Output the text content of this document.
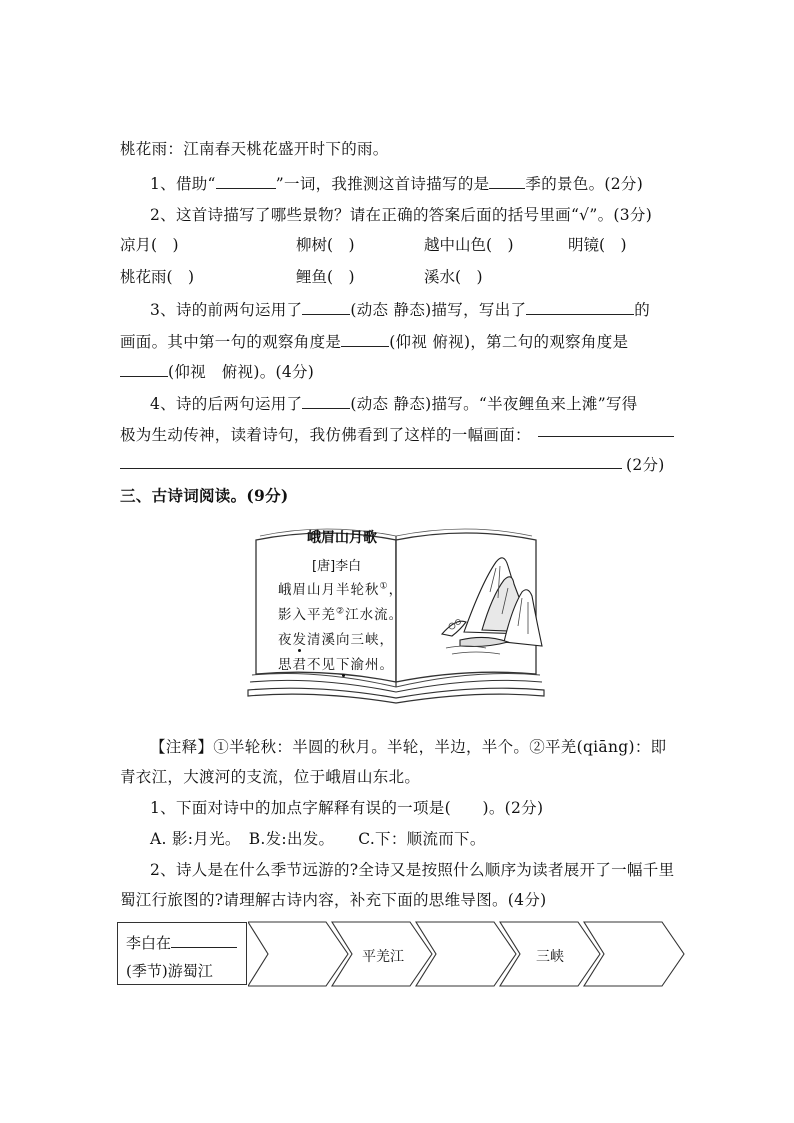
桃花雨：江南春天桃花盛开时下的雨。
1、借助“	”一词，我推测这首诗描写的是 季的景色。(2分)
2、这首诗描写了哪些景物？请在正确的答案后面的括号里画“√”。(3分)
凉月(　)	柳树(　)	越中山色(　)	明镜(　)
桃花雨(　)	鲤鱼(　)	溪水(　)
3、诗的前两句运用了	(动态 静态)描写，写出了	的
画面。其中第一句的观察角度是	(仰视 俯视)，第二句的观察角度是
(仰视　俯视)。(4分)
4、诗的后两句运用了	(动态 静态)描写。“半夜鲤鱼来上滩”写得
极为生动传神，读着诗句，我仿佛看到了这样的一幅画面：
(2分)
三、古诗词阅读。(9分)
峨眉山月歌
[唐]李白
峨眉山月半轮秋①，
影入平羌②江水流。
夜发清溪向三峡，
思君不见下渝州。
【注释】①半轮秋：半圆的秋月。半轮，半边，半个。②平羌(qiāng)：即
青衣江，大渡河的支流，位于峨眉山东北。
1、下面对诗中的加点字解释有误的一项是(　　)。(2分)
A. 影:月光。　B.发:出发。　　C.下：顺流而下。
2、诗人是在什么季节远游的?全诗又是按照什么顺序为读者展开了一幅千里
蜀江行旅图的?请理解古诗内容，补充下面的思维导图。(4分)
李白在
(季节)游蜀江
平羌江	三峡
